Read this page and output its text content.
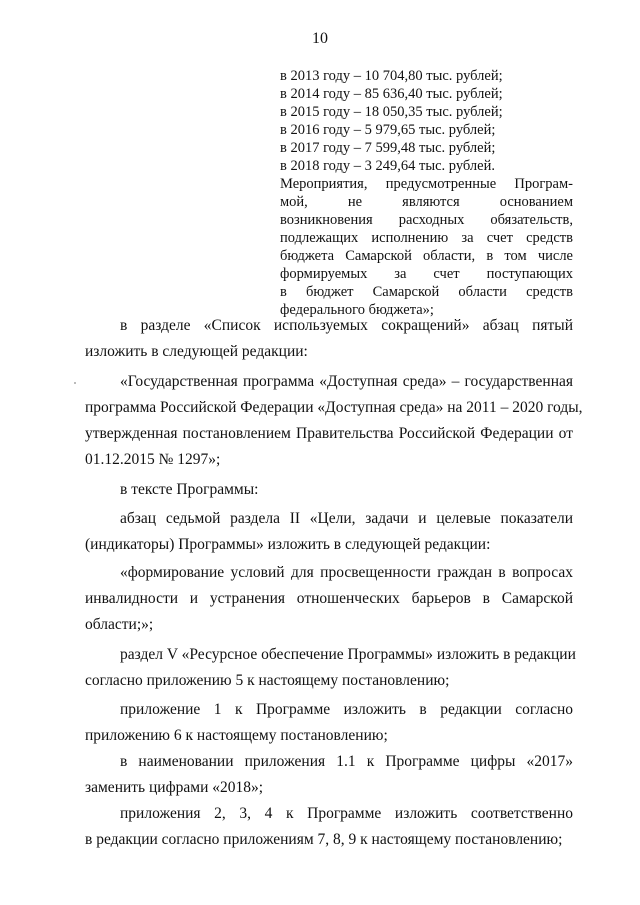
10
в 2013 году – 10 704,80 тыс. рублей;
в 2014 году – 85 636,40 тыс. рублей;
в 2015 году – 18 050,35 тыс. рублей;
в 2016 году – 5 979,65 тыс. рублей;
в 2017 году – 7 599,48 тыс. рублей;
в 2018 году – 3 249,64 тыс. рублей.
Мероприятия, предусмотренные Програм-
мой, не являются основанием
возникновения расходных обязательств,
подлежащих исполнению за счет средств
бюджета Самарской области, в том числе
формируемых за счет поступающих
в бюджет Самарской области средств
федерального бюджета»;
в разделе «Список используемых сокращений» абзац пятый
изложить в следующей редакции:
«Государственная программа «Доступная среда» – государственная
программа Российской Федерации «Доступная среда» на 2011 – 2020 годы,
утвержденная постановлением Правительства Российской Федерации от
01.12.2015 № 1297»;
в тексте Программы:
абзац седьмой раздела II «Цели, задачи и целевые показатели
(индикаторы) Программы» изложить в следующей редакции:
«формирование условий для просвещенности граждан в вопросах
инвалидности и устранения отношенческих барьеров в Самарской
области;»;
раздел V «Ресурсное обеспечение Программы» изложить в редакции
согласно приложению 5 к настоящему постановлению;
приложение 1 к Программе изложить в редакции согласно
приложению 6 к настоящему постановлению;
в наименовании приложения 1.1 к Программе цифры «2017»
заменить цифрами «2018»;
приложения 2, 3, 4 к Программе изложить соответственно
в редакции согласно приложениям 7, 8, 9 к настоящему постановлению;
